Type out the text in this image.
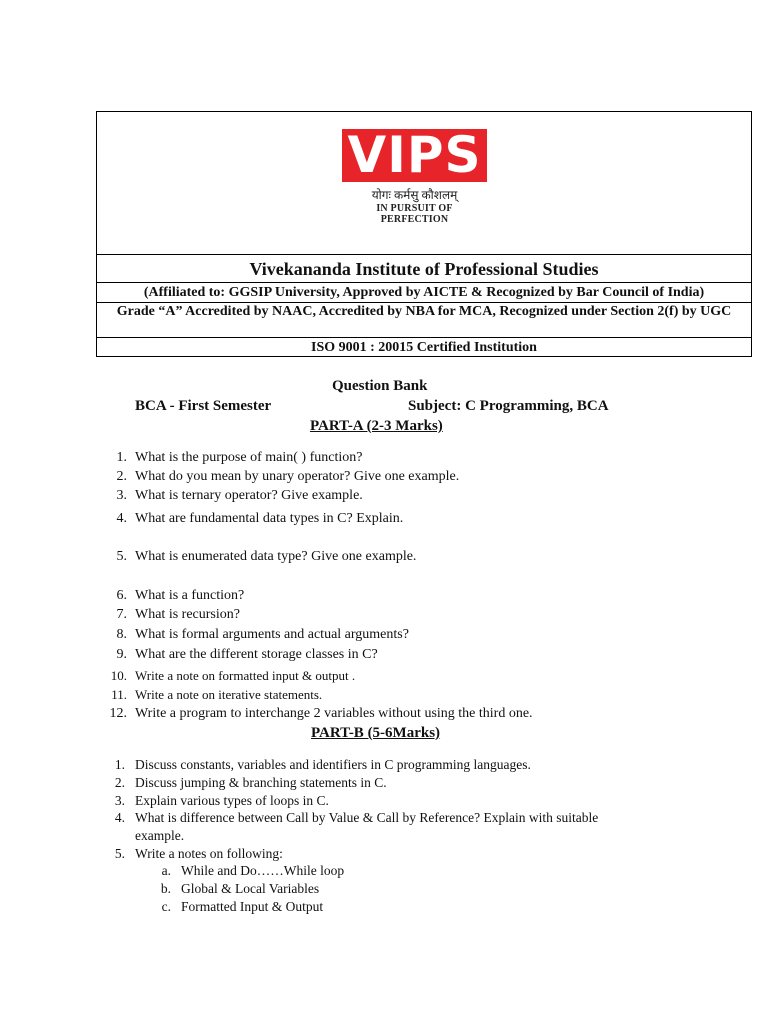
VIPS
योगः कर्मसु कौशलम्
IN PURSUIT OF PERFECTION
Vivekananda Institute of Professional Studies
(Affiliated to: GGSIP University, Approved by AICTE & Recognized by Bar Council of India)
Grade “A” Accredited by NAAC, Accredited by NBA for MCA, Recognized under Section 2(f) by UGC
ISO 9001 : 20015 Certified Institution
Question Bank
BCA - First Semester	Subject: C Programming, BCA
PART-A (2-3 Marks)
1. What is the purpose of main( ) function?
2. What do you mean by unary operator? Give one example.
3. What is ternary operator? Give example.
4. What are fundamental data types in C? Explain.
5. What is enumerated data type? Give one example.
6. What is a function?
7. What is recursion?
8. What is formal arguments and actual arguments?
9. What are the different storage classes in C?
10. Write a note on formatted input & output .
11. Write a note on iterative statements.
12. Write a program to interchange 2 variables without using the third one.
PART-B (5-6Marks)
1. Discuss constants, variables and identifiers in C programming languages.
2. Discuss jumping & branching statements in C.
3. Explain various types of loops in C.
4. What is difference between Call by Value & Call by Reference? Explain with suitable
example.
5. Write a notes on following:
a. While and Do……While loop
b. Global & Local Variables
c. Formatted Input & Output
